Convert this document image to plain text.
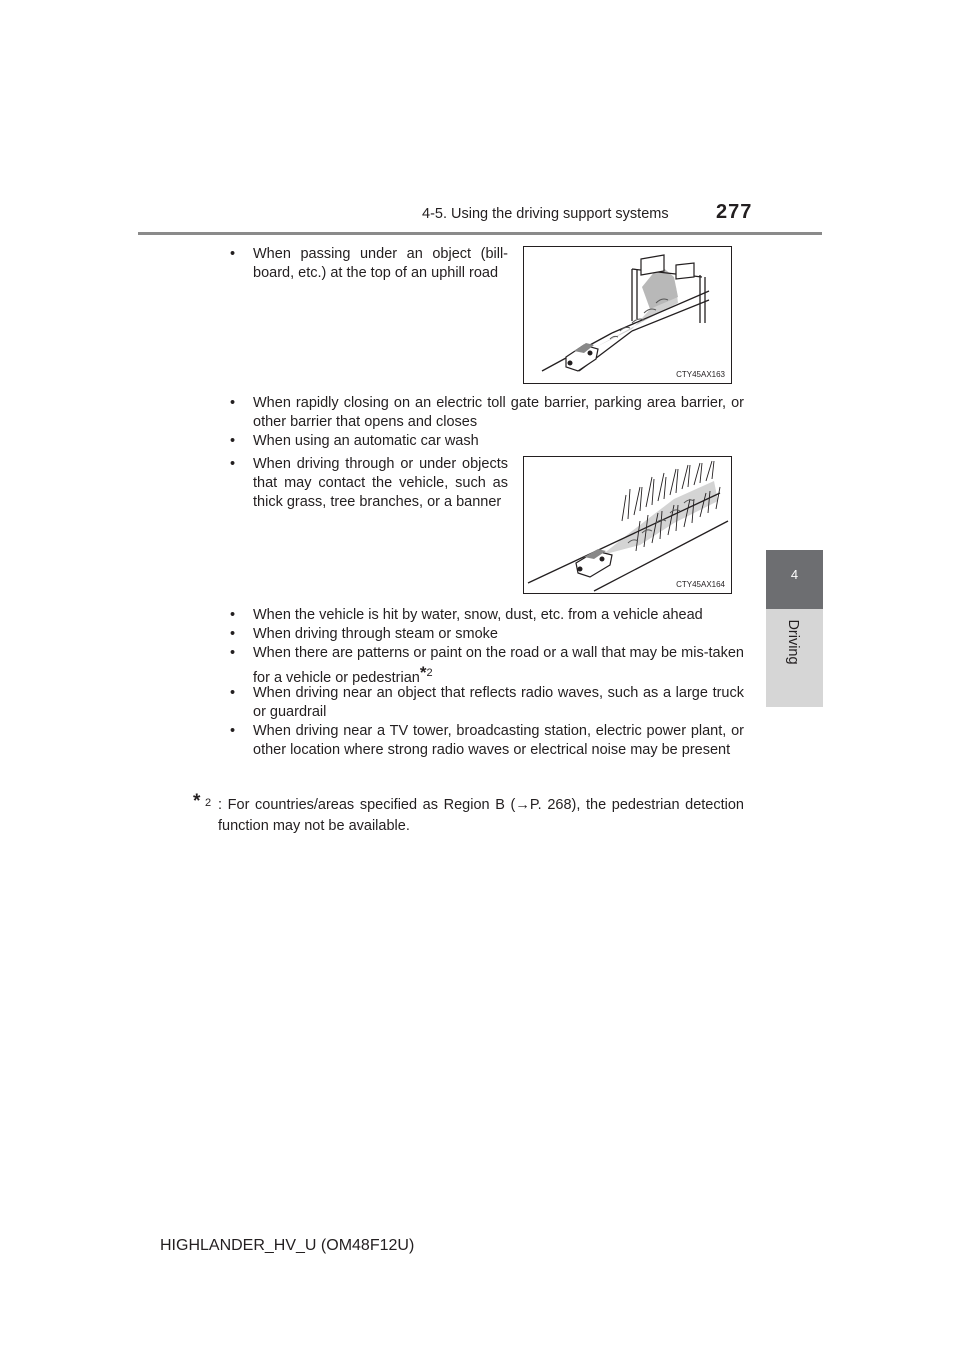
4-5. Using the driving support systems 277
4
Driving
• When passing under an object (bill-board, etc.) at the top of an uphill road
CTY45AX163
• When rapidly closing on an electric toll gate barrier, parking area barrier, or other barrier that opens and closes
• When using an automatic car wash
• When driving through or under objects that may contact the vehicle, such as thick grass, tree branches, or a banner
CTY45AX164
• When the vehicle is hit by water, snow, dust, etc. from a vehicle ahead
• When driving through steam or smoke
• When there are patterns or paint on the road or a wall that may be mis-taken for a vehicle or pedestrian$^{*2}$
• When driving near an object that reflects radio waves, such as a large truck or guardrail
• When driving near a TV tower, broadcasting station, electric power plant, or other location where strong radio waves or electrical noise may be present
* 2 : For countries/areas specified as Region B (→P. 268), the pedestrian detection function may not be available.
HIGHLANDER_HV_U (OM48F12U)
